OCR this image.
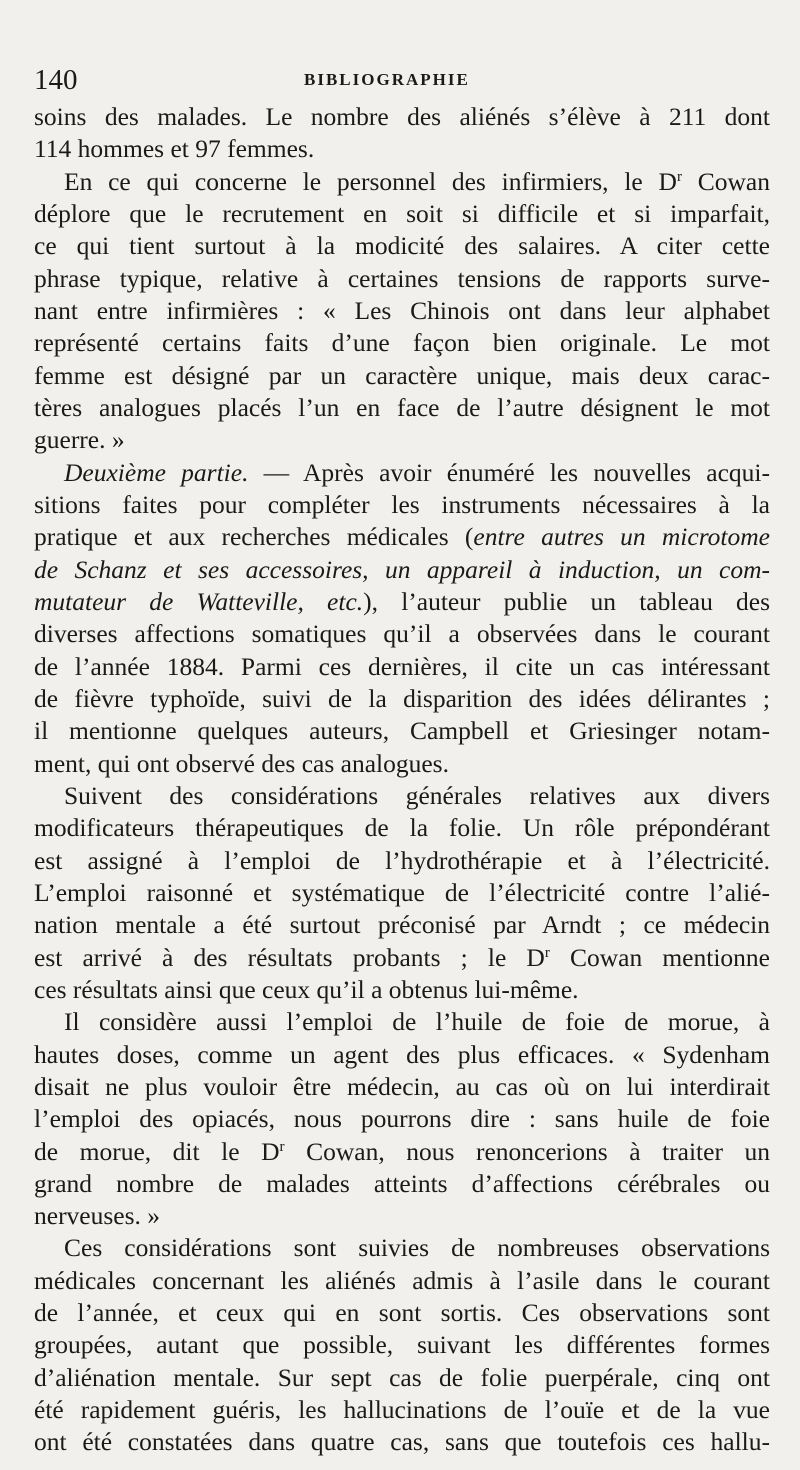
140	BIBLIOGRAPHIE
soins des malades. Le nombre des aliénés s’élève à 211 dont
114 hommes et 97 femmes.
En ce qui concerne le personnel des infirmiers, le $D^r$ Cowan
déplore que le recrutement en soit si difficile et si imparfait,
ce qui tient surtout à la modicité des salaires. A citer cette
phrase typique, relative à certaines tensions de rapports surve-
nant entre infirmières : « Les Chinois ont dans leur alphabet
représenté certains faits d’une façon bien originale. Le mot
femme est désigné par un caractère unique, mais deux carac-
tères analogues placés l’un en face de l’autre désignent le mot
guerre. »
Deuxième partie. — Après avoir énuméré les nouvelles acqui-
sitions faites pour compléter les instruments nécessaires à la
pratique et aux recherches médicales (entre autres un microtome
de Schanz et ses accessoires, un appareil à induction, un com-
mutateur de Watteville, etc.), l’auteur publie un tableau des
diverses affections somatiques qu’il a observées dans le courant
de l’année 1884. Parmi ces dernières, il cite un cas intéressant
de fièvre typhoïde, suivi de la disparition des idées délirantes ;
il mentionne quelques auteurs, Campbell et Griesinger notam-
ment, qui ont observé des cas analogues.
Suivent des considérations générales relatives aux divers
modificateurs thérapeutiques de la folie. Un rôle prépondérant
est assigné à l’emploi de l’hydrothérapie et à l’électricité.
L’emploi raisonné et systématique de l’électricité contre l’alié-
nation mentale a été surtout préconisé par Arndt ; ce médecin
est arrivé à des résultats probants ; le $D^r$ Cowan mentionne
ces résultats ainsi que ceux qu’il a obtenus lui-même.
Il considère aussi l’emploi de l’huile de foie de morue, à
hautes doses, comme un agent des plus efficaces. « Sydenham
disait ne plus vouloir être médecin, au cas où on lui interdirait
l’emploi des opiacés, nous pourrons dire : sans huile de foie
de morue, dit le $D^r$ Cowan, nous renoncerions à traiter un
grand nombre de malades atteints d’affections cérébrales ou
nerveuses. »
Ces considérations sont suivies de nombreuses observations
médicales concernant les aliénés admis à l’asile dans le courant
de l’année, et ceux qui en sont sortis. Ces observations sont
groupées, autant que possible, suivant les différentes formes
d’aliénation mentale. Sur sept cas de folie puerpérale, cinq ont
été rapidement guéris, les hallucinations de l’ouïe et de la vue
ont été constatées dans quatre cas, sans que toutefois ces hallu-
